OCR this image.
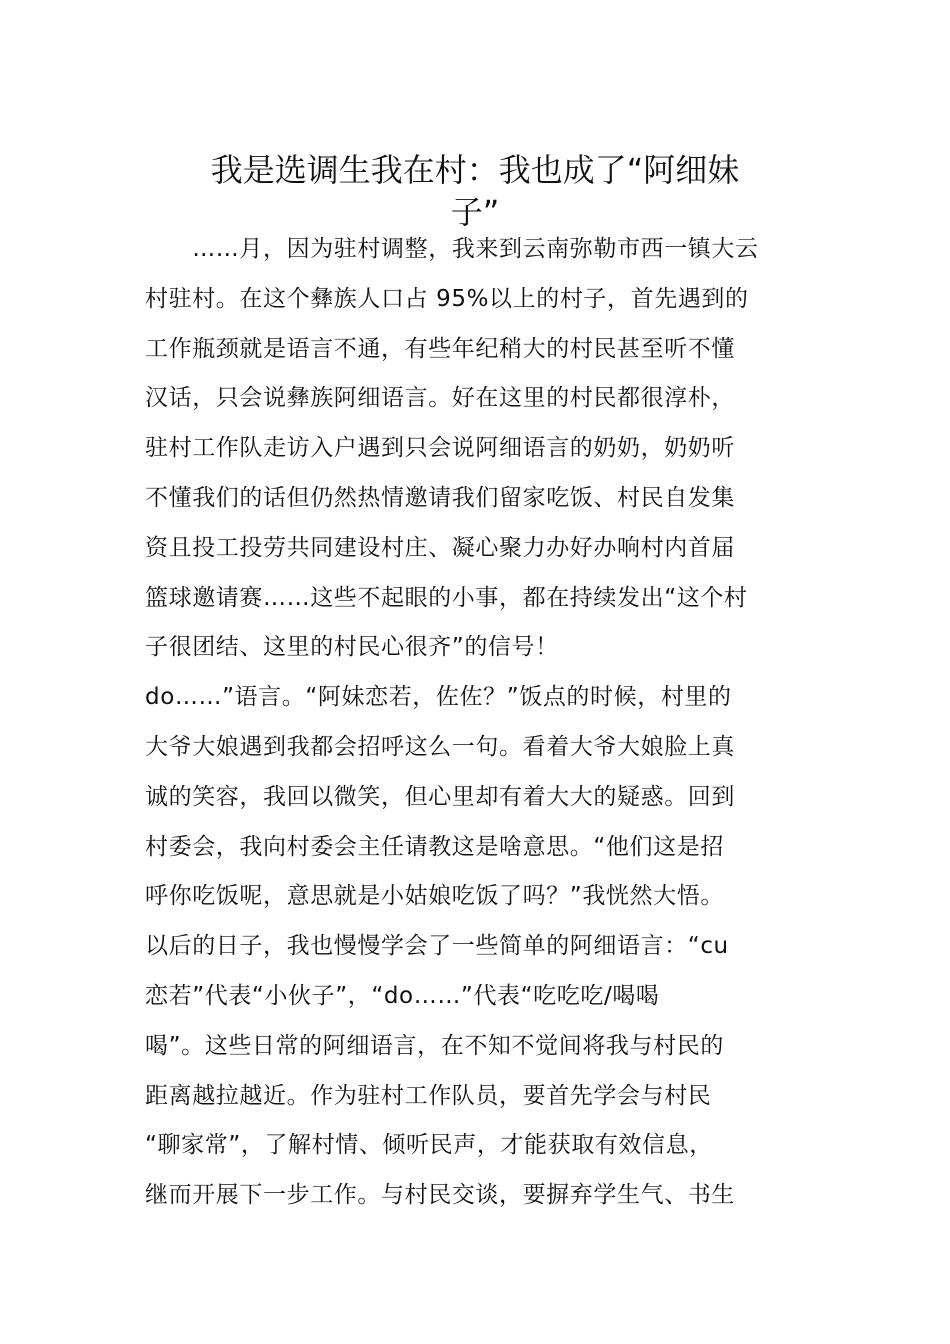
我是选调生我在村：我也成了“阿细妹
子”
　　……月，因为驻村调整，我来到云南弥勒市西一镇大云
村驻村。在这个彝族人口占 95%以上的村子，首先遇到的
工作瓶颈就是语言不通，有些年纪稍大的村民甚至听不懂
汉话，只会说彝族阿细语言。好在这里的村民都很淳朴，
驻村工作队走访入户遇到只会说阿细语言的奶奶，奶奶听
不懂我们的话但仍然热情邀请我们留家吃饭、村民自发集
资且投工投劳共同建设村庄、凝心聚力办好办响村内首届
篮球邀请赛……这些不起眼的小事，都在持续发出“这个村
子很团结、这里的村民心很齐”的信号！
do……”语言。“阿妹恋若，佐佐？”饭点的时候，村里的
大爷大娘遇到我都会招呼这么一句。看着大爷大娘脸上真
诚的笑容，我回以微笑，但心里却有着大大的疑惑。回到
村委会，我向村委会主任请教这是啥意思。“他们这是招
呼你吃饭呢，意思就是小姑娘吃饭了吗？”我恍然大悟。
以后的日子，我也慢慢学会了一些简单的阿细语言：“cu
恋若”代表“小伙子”，“do……”代表“吃吃吃/喝喝
喝”。这些日常的阿细语言，在不知不觉间将我与村民的
距离越拉越近。作为驻村工作队员，要首先学会与村民
“聊家常”，了解村情、倾听民声，才能获取有效信息，
继而开展下一步工作。与村民交谈，要摒弃学生气、书生
